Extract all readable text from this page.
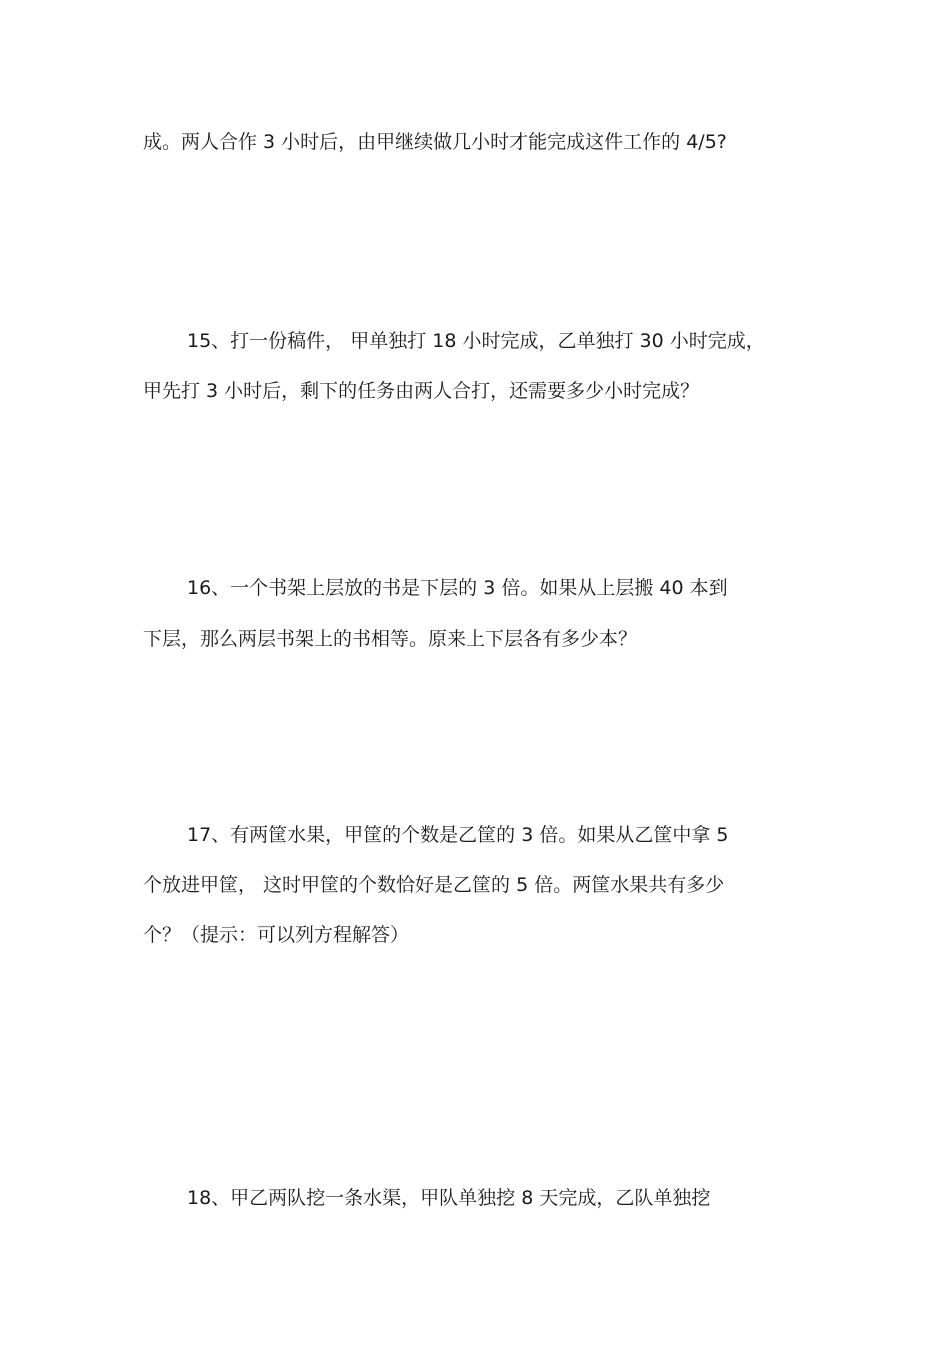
成。两人合作 3 小时后，由甲继续做几小时才能完成这件工作的 4/5?
15、打一份稿件， 甲单独打 18 小时完成，乙单独打 30 小时完成，
甲先打 3 小时后，剩下的任务由两人合打，还需要多少小时完成？
16、一个书架上层放的书是下层的 3 倍。如果从上层搬 40 本到
下层，那么两层书架上的书相等。原来上下层各有多少本？
17、有两筐水果，甲筐的个数是乙筐的 3 倍。如果从乙筐中拿 5
个放进甲筐， 这时甲筐的个数恰好是乙筐的 5 倍。两筐水果共有多少
个？（提示：可以列方程解答）
18、甲乙两队挖一条水渠，甲队单独挖 8 天完成，乙队单独挖
